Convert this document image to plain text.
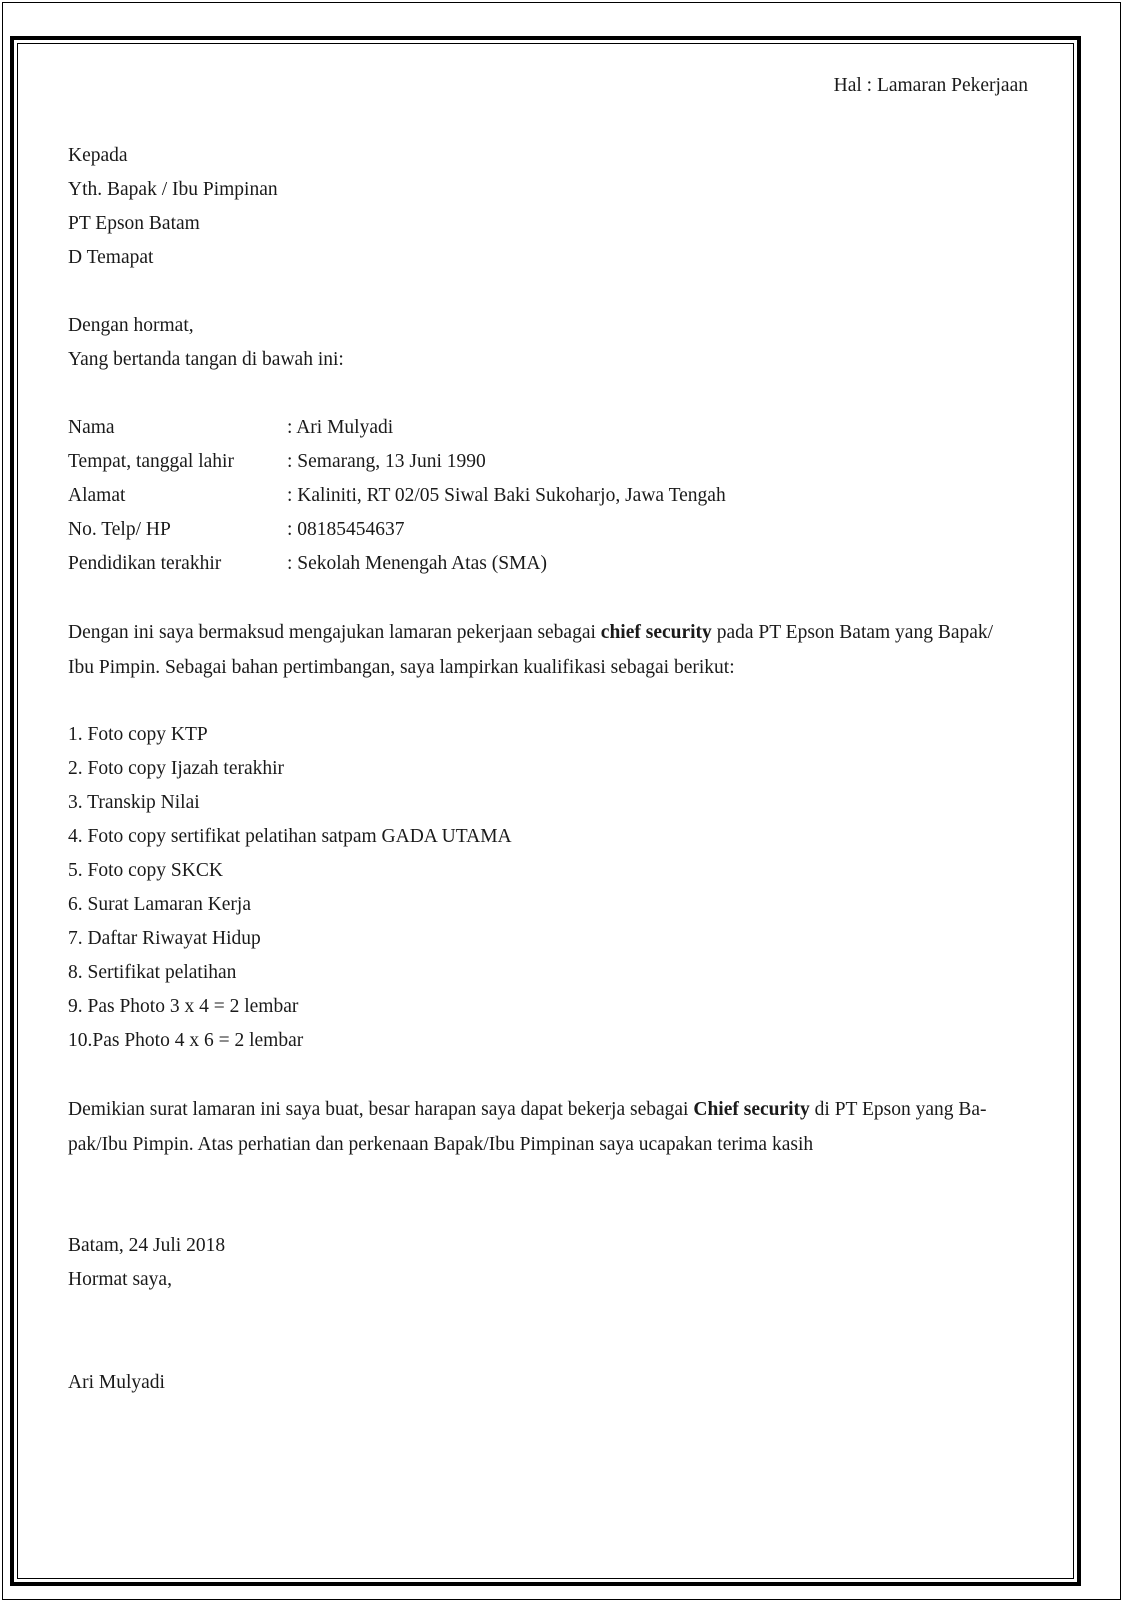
Hal : Lamaran Pekerjaan
Kepada
Yth. Bapak / Ibu Pimpinan
PT Epson Batam
D Temapat
Dengan hormat,
Yang bertanda tangan di bawah ini:
Nama	: Ari Mulyadi
Tempat, tanggal lahir	: Semarang, 13 Juni 1990
Alamat	: Kaliniti, RT 02/05 Siwal Baki Sukoharjo, Jawa Tengah
No. Telp/ HP	: 08185454637
Pendidikan terakhir	: Sekolah Menengah Atas (SMA)
Dengan ini saya bermaksud mengajukan lamaran pekerjaan sebagai chief security pada PT Epson Batam yang Bapak/
Ibu Pimpin. Sebagai bahan pertimbangan, saya lampirkan kualifikasi sebagai berikut:
1. Foto copy KTP
2. Foto copy Ijazah terakhir
3. Transkip Nilai
4. Foto copy sertifikat pelatihan satpam GADA UTAMA
5. Foto copy SKCK
6. Surat Lamaran Kerja
7. Daftar Riwayat Hidup
8. Sertifikat pelatihan
9. Pas Photo 3 x 4 = 2 lembar
10.Pas Photo 4 x 6 = 2 lembar
Demikian surat lamaran ini saya buat, besar harapan saya dapat bekerja sebagai Chief security di PT Epson yang Ba-
pak/Ibu Pimpin. Atas perhatian dan perkenaan Bapak/Ibu Pimpinan saya ucapakan terima kasih
Batam, 24 Juli 2018
Hormat saya,
Ari Mulyadi
